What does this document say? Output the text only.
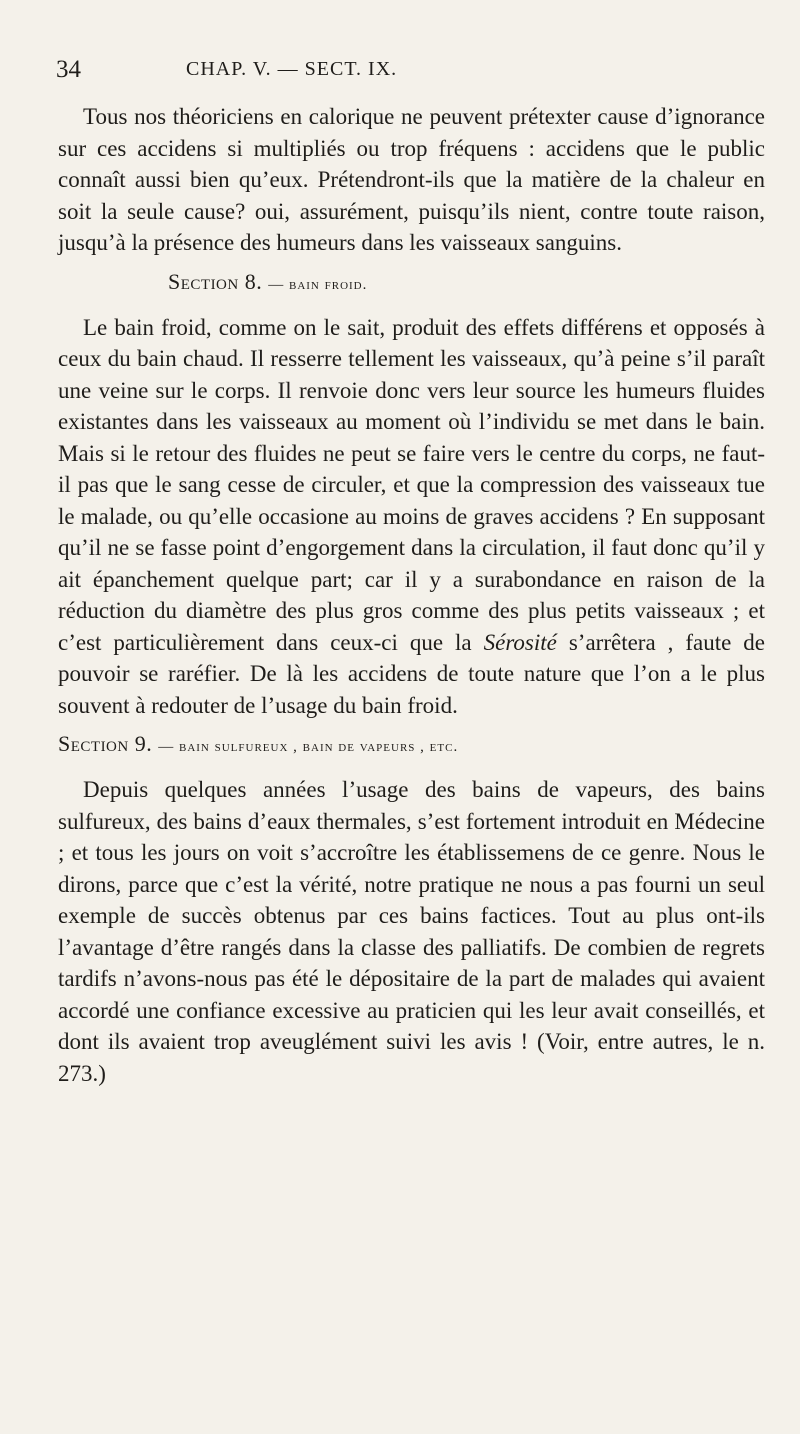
34	CHAP. V. — SECT. IX.

Tous nos théoriciens en calorique ne peuvent prétexter cause d’ignorance sur ces accidens si multipliés ou trop fréquens : accidens que le public connaît aussi bien qu’eux. Prétendront-ils que la matière de la chaleur en soit la seule cause? oui, assurément, puisqu’ils nient, contre toute raison, jusqu’à la présence des humeurs dans les vaisseaux sanguins.

Section 8. — bain froid.

Le bain froid, comme on le sait, produit des effets différens et opposés à ceux du bain chaud. Il resserre tellement les vaisseaux, qu’à peine s’il paraît une veine sur le corps. Il renvoie donc vers leur source les humeurs fluides existantes dans les vaisseaux au moment où l’individu se met dans le bain. Mais si le retour des fluides ne peut se faire vers le centre du corps, ne faut-il pas que le sang cesse de circuler, et que la compression des vaisseaux tue le malade, ou qu’elle occasione au moins de graves accidens ? En supposant qu’il ne se fasse point d’engorgement dans la circulation, il faut donc qu’il y ait épanchement quelque part; car il y a surabondance en raison de la réduction du diamètre des plus gros comme des plus petits vaisseaux ; et c’est particulièrement dans ceux-ci que la Sérosité s’arrêtera , faute de pouvoir se raréfier. De là les accidens de toute nature que l’on a le plus souvent à redouter de l’usage du bain froid.

Section 9. — bain sulfureux , bain de vapeurs , etc.

Depuis quelques années l’usage des bains de vapeurs, des bains sulfureux, des bains d’eaux thermales, s’est fortement introduit en Médecine ; et tous les jours on voit s’accroître les établissemens de ce genre. Nous le dirons, parce que c’est la vérité, notre pratique ne nous a pas fourni un seul exemple de succès obtenus par ces bains factices. Tout au plus ont-ils l’avantage d’être rangés dans la classe des palliatifs. De combien de regrets tardifs n’avons-nous pas été le dépositaire de la part de malades qui avaient accordé une confiance excessive au praticien qui les leur avait conseillés, et dont ils avaient trop aveuglément suivi les avis ! (Voir, entre autres, le n. 273.)
